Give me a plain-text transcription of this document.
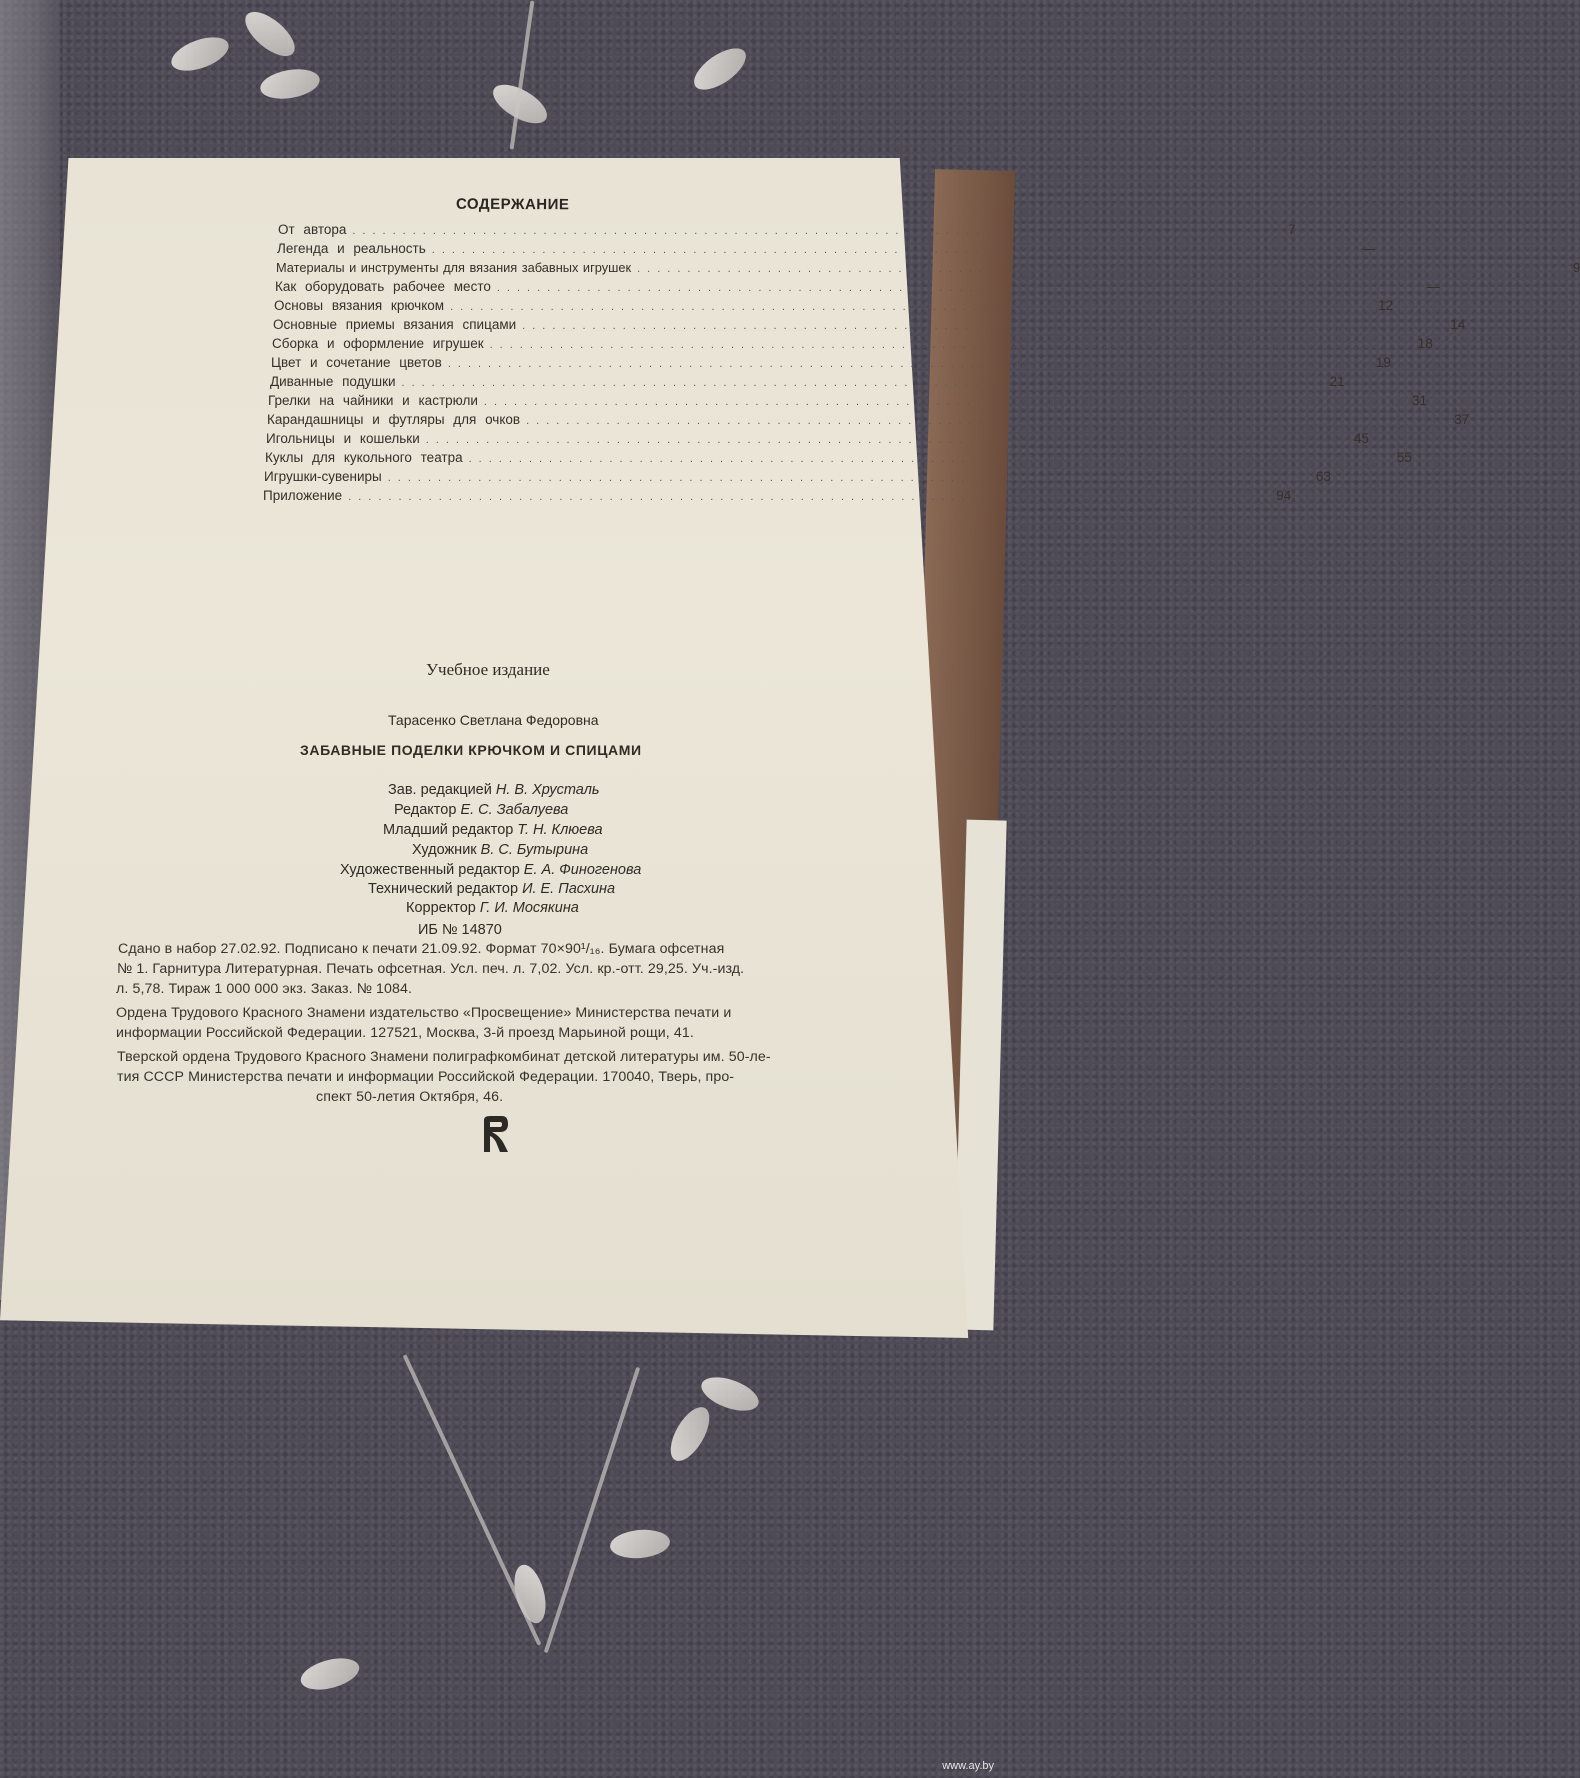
СОДЕРЖАНИЕ
От автора ...........................................................................................	7
Легенда и реальность ...........................................................................................	—
Материалы и инструменты для вязания забавных игрушек ...........................................................................................	9
Как оборудовать рабочее место ...........................................................................................	—
Основы вязания крючком ........................................................................................... 12
Основные приемы вязания спицами ........................................................................................... 14
Сборка и оформление игрушек ........................................................................................... 18
Цвет и сочетание цветов ........................................................................................... 19
Диванные подушки ........................................................................................... 21
Грелки на чайники и кастрюли ........................................................................................... 31
Карандашницы и футляры для очков ........................................................................................... 37
Игольницы и кошельки ........................................................................................... 45
Куклы для кукольного театра ........................................................................................... 55
Игрушки-сувениры ........................................................................................... 63
Приложение ........................................................................................... 94
Учебное издание
Тарасенко Светлана Федоровна
ЗАБАВНЫЕ ПОДЕЛКИ КРЮЧКОМ И СПИЦАМИ
Зав. редакцией Н. В. Хрусталь
Редактор Е. С. Забалуева
Младший редактор Т. Н. Клюева
Художник В. С. Бутырина
Художественный редактор Е. А. Финогенова
Технический редактор И. Е. Пасхина
Корректор Г. И. Мосякина
ИБ № 14870
Сдано в набор 27.02.92. Подписано к печати 21.09.92. Формат 70×90¹/₁₆. Бумага офсетная
№ 1. Гарнитура Литературная. Печать офсетная. Усл. печ. л. 7,02. Усл. кр.-отт. 29,25. Уч.-изд.
л. 5,78. Тираж 1 000 000 экз. Заказ. № 1084.
Ордена Трудового Красного Знамени издательство «Просвещение» Министерства печати и
информации Российской Федерации. 127521, Москва, 3-й проезд Марьиной рощи, 41.
Тверской ордена Трудового Красного Знамени полиграфкомбинат детской литературы им. 50-ле-
тия СССР Министерства печати и информации Российской Федерации. 170040, Тверь, про-
спект 50-летия Октября, 46.
www.ay.by
